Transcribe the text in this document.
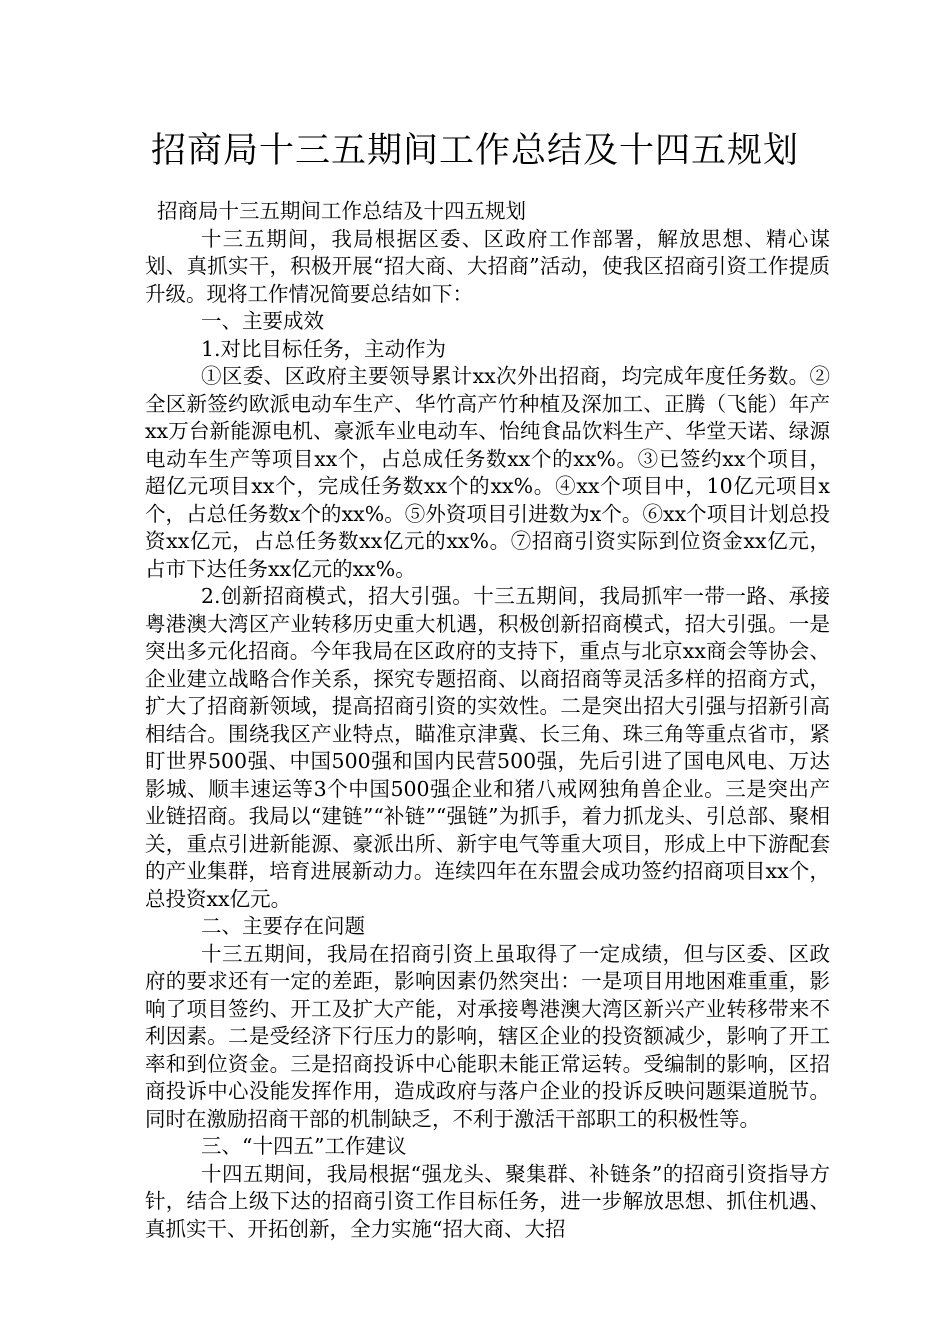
招商局十三五期间工作总结及十四五规划

招商局十三五期间工作总结及十四五规划

十三五期间，我局根据区委、区政府工作部署，解放思想、精心谋划、真抓实干，积极开展“招大商、大招商”活动，使我区招商引资工作提质升级。现将工作情况简要总结如下：

一、主要成效

1.对比目标任务，主动作为

①区委、区政府主要领导累计xx次外出招商，均完成年度任务数。②全区新签约欧派电动车生产、华竹高产竹种植及深加工、正腾（飞能）年产xx万台新能源电机、豪派车业电动车、怡纯食品饮料生产、华堂天诺、绿源电动车生产等项目xx个，占总成任务数xx个的xx%。③已签约xx个项目，超亿元项目xx个，完成任务数xx个的xx%。④xx个项目中，10亿元项目x个，占总任务数x个的xx%。⑤外资项目引进数为x个。⑥xx个项目计划总投资xx亿元，占总任务数xx亿元的xx%。⑦招商引资实际到位资金xx亿元，占市下达任务xx亿元的xx%。

2.创新招商模式，招大引强。十三五期间，我局抓牢一带一路、承接粤港澳大湾区产业转移历史重大机遇，积极创新招商模式，招大引强。一是突出多元化招商。今年我局在区政府的支持下，重点与北京xx商会等协会、企业建立战略合作关系，探究专题招商、以商招商等灵活多样的招商方式，扩大了招商新领域，提高招商引资的实效性。二是突出招大引强与招新引高相结合。围绕我区产业特点，瞄准京津冀、长三角、珠三角等重点省市，紧盯世界500强、中国500强和国内民营500强，先后引进了国电风电、万达影城、顺丰速运等3个中国500强企业和猪八戒网独角兽企业。三是突出产业链招商。我局以“建链”“补链”“强链”为抓手，着力抓龙头、引总部、聚相关，重点引进新能源、豪派出所、新宇电气等重大项目，形成上中下游配套的产业集群，培育进展新动力。连续四年在东盟会成功签约招商项目xx个，总投资xx亿元。

二、主要存在问题

十三五期间，我局在招商引资上虽取得了一定成绩，但与区委、区政府的要求还有一定的差距，影响因素仍然突出：一是项目用地困难重重，影响了项目签约、开工及扩大产能，对承接粤港澳大湾区新兴产业转移带来不利因素。二是受经济下行压力的影响，辖区企业的投资额减少，影响了开工率和到位资金。三是招商投诉中心能职未能正常运转。受编制的影响，区招商投诉中心没能发挥作用，造成政府与落户企业的投诉反映问题渠道脱节。同时在激励招商干部的机制缺乏，不利于激活干部职工的积极性等。

三、“十四五”工作建议

十四五期间，我局根据“强龙头、聚集群、补链条”的招商引资指导方针，结合上级下达的招商引资工作目标任务，进一步解放思想、抓住机遇、真抓实干、开拓创新，全力实施“招大商、大招
